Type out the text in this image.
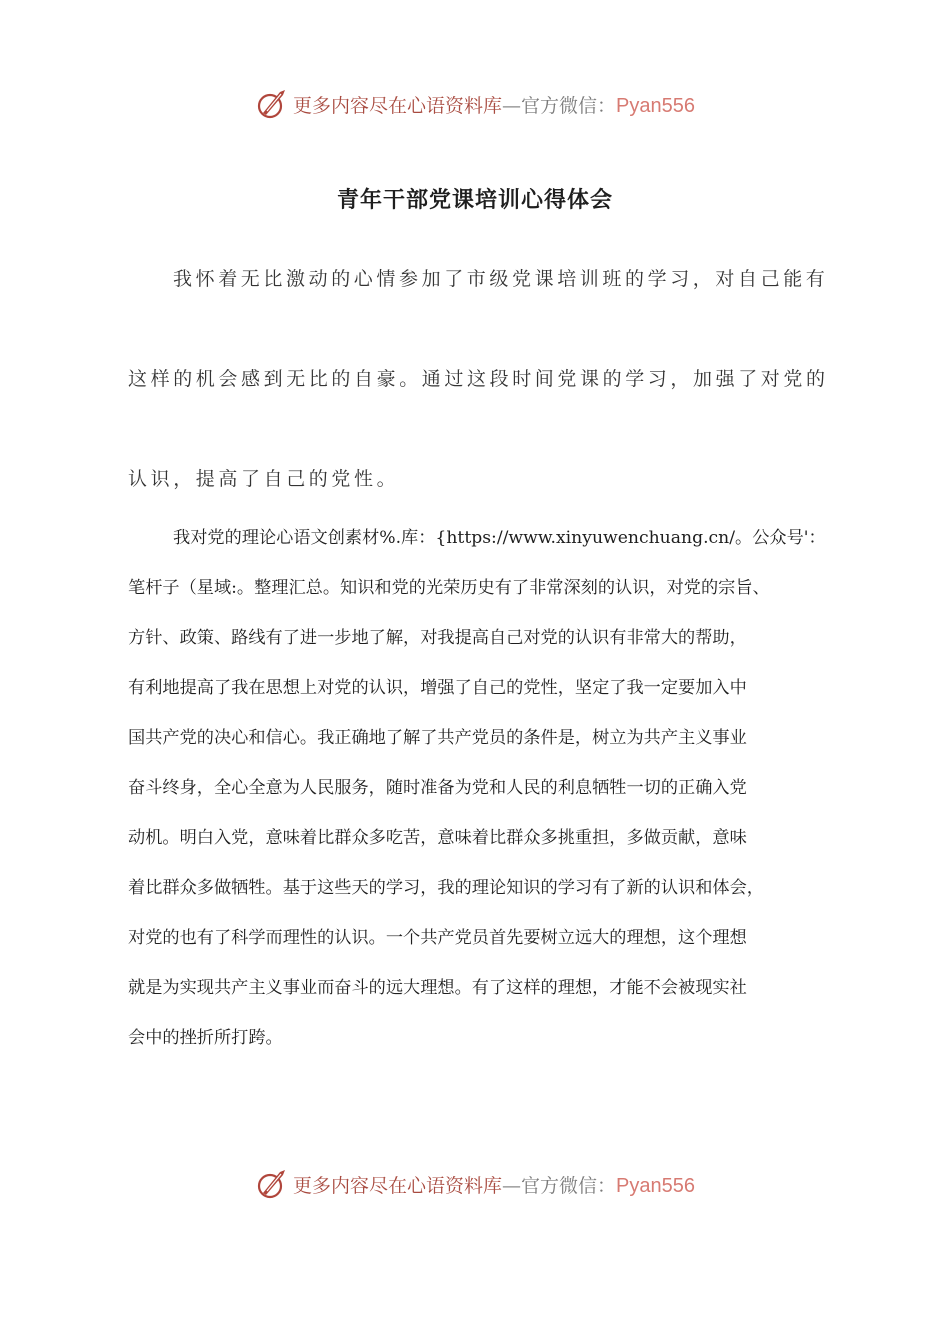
更多内容尽在心语资料库—官方微信：Pyan556
青年干部党课培训心得体会
我怀着无比激动的心情参加了市级党课培训班的学习，对自己能有
这样的机会感到无比的自豪。通过这段时间党课的学习，加强了对党的
认识，提高了自己的党性。
我对党的理论心语文创素材%.库：{https://www.xinyuwenchuang.cn/。公众号'：
笔杆子（星域:。整理汇总。知识和党的光荣历史有了非常深刻的认识，对党的宗旨、
方针、政策、路线有了进一步地了解，对我提高自己对党的认识有非常大的帮助，
有利地提高了我在思想上对党的认识，增强了自己的党性，坚定了我一定要加入中
国共产党的决心和信心。我正确地了解了共产党员的条件是，树立为共产主义事业
奋斗终身，全心全意为人民服务，随时准备为党和人民的利息牺牲一切的正确入党
动机。明白入党，意味着比群众多吃苦，意味着比群众多挑重担，多做贡献，意味
着比群众多做牺牲。基于这些天的学习，我的理论知识的学习有了新的认识和体会，
对党的也有了科学而理性的认识。一个共产党员首先要树立远大的理想，这个理想
就是为实现共产主义事业而奋斗的远大理想。有了这样的理想，才能不会被现实社
会中的挫折所打跨。
更多内容尽在心语资料库—官方微信：Pyan556
